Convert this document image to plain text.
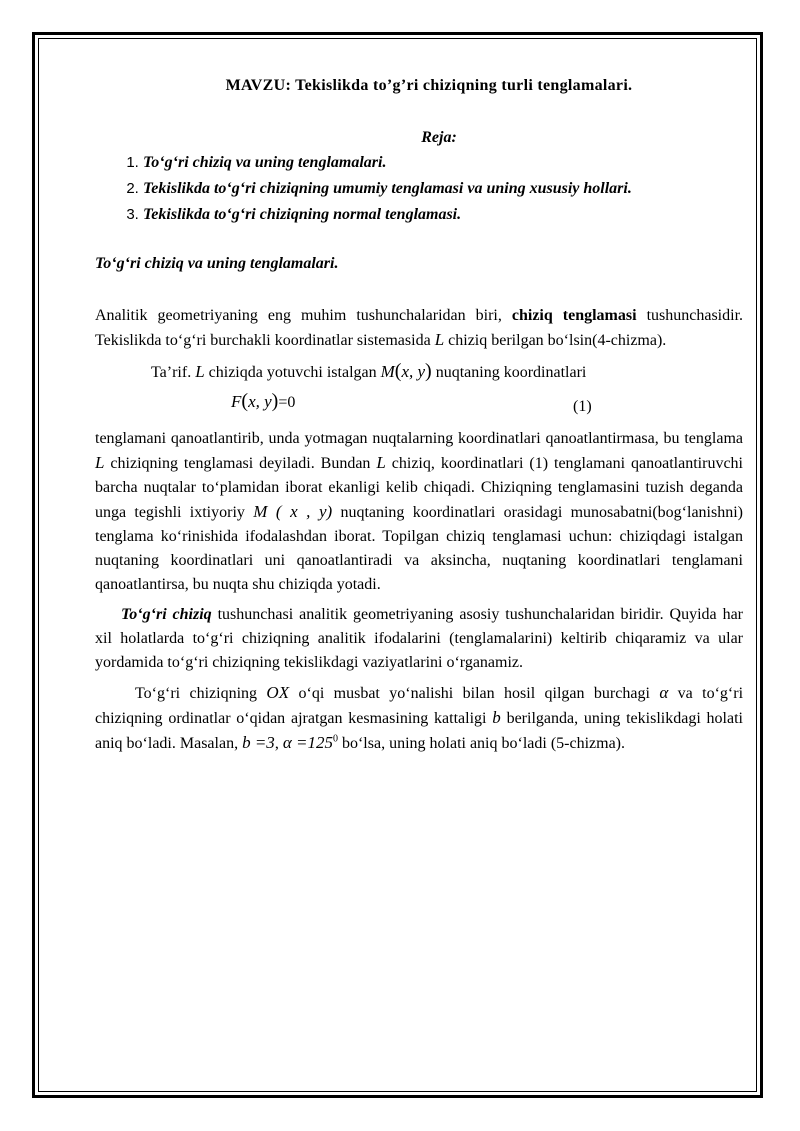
MAVZU: Tekislikda to’g’ri chiziqning turli tenglamalari.
Reja:
1. To‘g‘ri chiziq va uning tenglamalari.
2. Tekislikda to‘g‘ri chiziqning umumiy tenglamasi va uning xususiy hollari.
3. Tekislikda to‘g‘ri chiziqning normal tenglamasi.
To‘g‘ri chiziq va uning tenglamalari.

Analitik geometriyaning eng muhim tushunchalaridan biri, chiziq tenglamasi tushunchasidir. Tekislikda to‘g‘ri burchakli koordinatlar sistemasida L chiziq berilgan bo‘lsin(4-chizma).

Ta’rif. L chiziqda yotuvchi istalgan M(x, y) nuqtaning koordinatlari

F(x, y)=0	(1)

tenglamani qanoatlantirib, unda yotmagan nuqtalarning koordinatlari qanoatlantirmasa, bu tenglama L chiziqning tenglamasi deyiladi. Bundan L chiziq, koordinatlari (1) tenglamani qanoatlantiruvchi barcha nuqtalar to‘plamidan iborat ekanligi kelib chiqadi. Chiziqning tenglamasini tuzish deganda unga tegishli ixtiyoriy M ( x , y) nuqtaning koordinatlari orasidagi munosabatni(bog‘lanishni) tenglama ko‘rinishida ifodalashdan iborat. Topilgan chiziq tenglamasi uchun: chiziqdagi istalgan nuqtaning koordinatlari uni qanoatlantiradi va aksincha, nuqtaning koordinatlari tenglamani qanoatlantirsa, bu nuqta shu chiziqda yotadi.

To‘g‘ri chiziq tushunchasi analitik geometriyaning asosiy tushunchalaridan biridir. Quyida har xil holatlarda to‘g‘ri chiziqning analitik ifodalarini (tenglamalarini) keltirib chiqaramiz va ular yordamida to‘g‘ri chiziqning tekislikdagi vaziyatlarini o‘rganamiz.

To‘g‘ri chiziqning OX o‘qi musbat yo‘nalishi bilan hosil qilgan burchagi α va to‘g‘ri chiziqning ordinatlar o‘qidan ajratgan kesmasining kattaligi b berilganda, uning tekislikdagi holati aniq bo‘ladi. Masalan, b =3, $\alpha =125^0$ bo‘lsa, uning holati aniq bo‘ladi (5-chizma).
